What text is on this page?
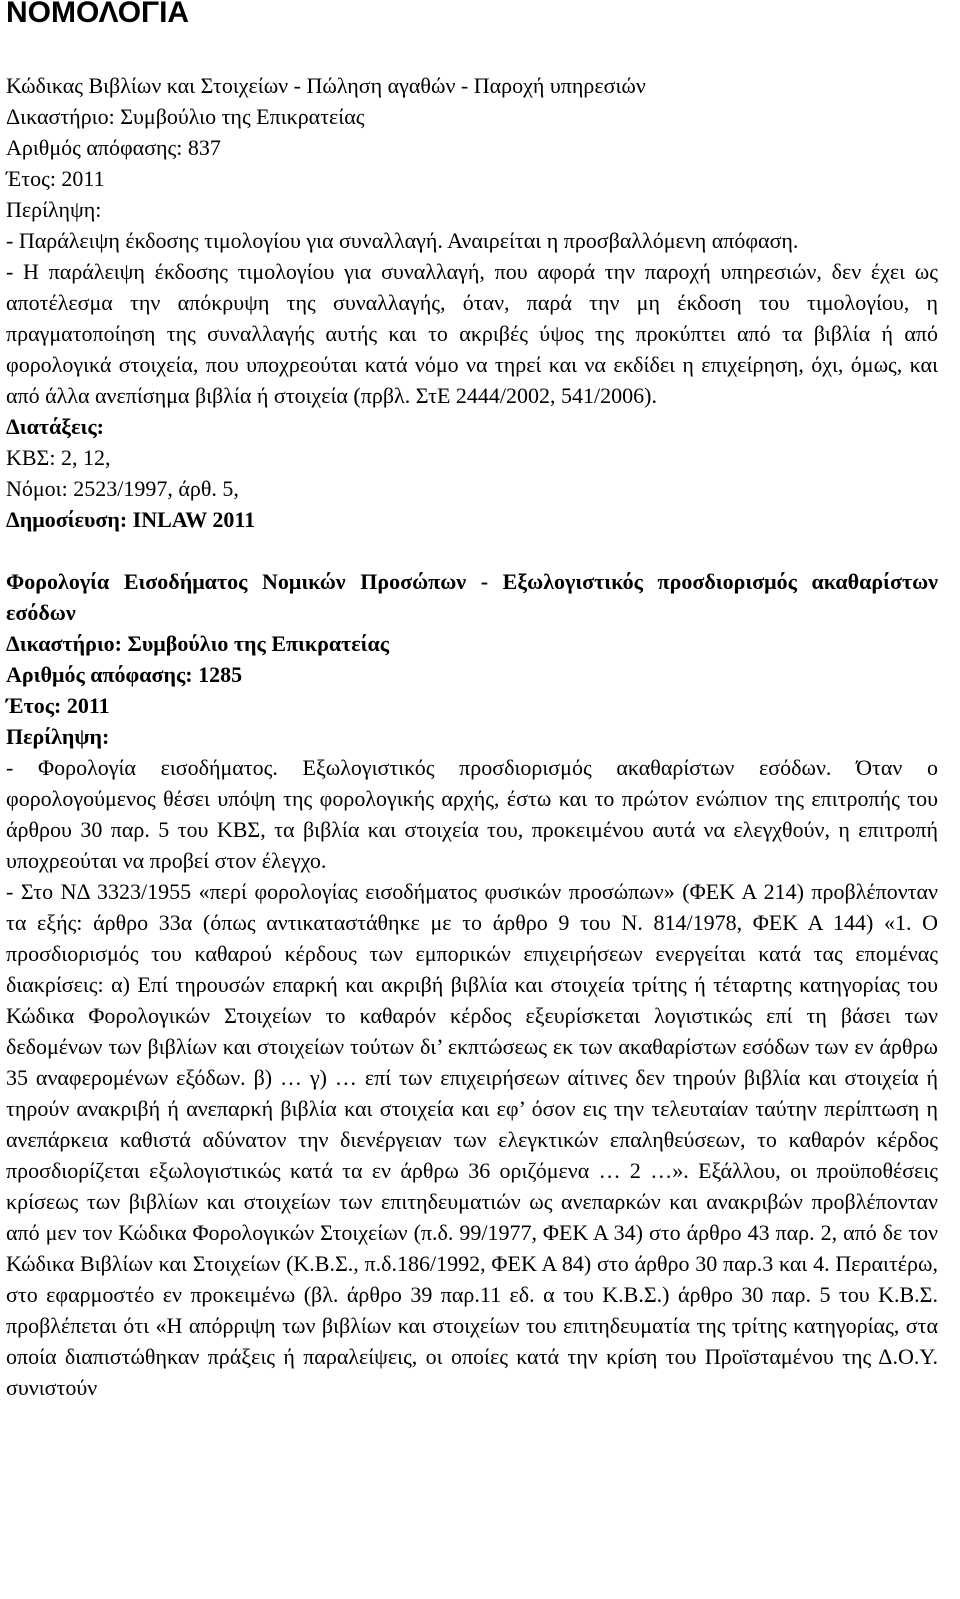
ΝΟΜΟΛΟΓΙΑ

Κώδικας Βιβλίων και Στοιχείων - Πώληση αγαθών - Παροχή υπηρεσιών

Δικαστήριο: Συμβούλιο της Επικρατείας

Αριθμός απόφασης: 837

Έτος: 2011

Περίληψη:

- Παράλειψη έκδοσης τιμολογίου για συναλλαγή. Αναιρείται η προσβαλλόμενη απόφαση.

- Η παράλειψη έκδοσης τιμολογίου για συναλλαγή, που αφορά την παροχή υπηρεσιών, δεν έχει ως αποτέλεσμα την απόκρυψη της συναλλαγής, όταν, παρά την μη έκδοση του τιμολογίου, η πραγματοποίηση της συναλλαγής αυτής και το ακριβές ύψος της προκύπτει από τα βιβλία ή από φορολογικά στοιχεία, που υποχρεούται κατά νόμο να τηρεί και να εκδίδει η επιχείρηση, όχι, όμως, και από άλλα ανεπίσημα βιβλία ή στοιχεία (πρβλ. ΣτΕ 2444/2002, 541/2006).

Διατάξεις:

ΚΒΣ: 2, 12,

Νόμοι: 2523/1997, άρθ. 5,

Δημοσίευση: INLAW 2011

Φορολογία Εισοδήματος Νομικών Προσώπων - Εξωλογιστικός προσδιορισμός ακαθαρίστων εσόδων

Δικαστήριο: Συμβούλιο της Επικρατείας

Αριθμός απόφασης: 1285

Έτος: 2011

Περίληψη:

- Φορολογία εισοδήματος. Εξωλογιστικός προσδιορισμός ακαθαρίστων εσόδων. Όταν ο φορολογούμενος θέσει υπόψη της φορολογικής αρχής, έστω και το πρώτον ενώπιον της επιτροπής του άρθρου 30 παρ. 5 του ΚΒΣ, τα βιβλία και στοιχεία του, προκειμένου αυτά να ελεγχθούν, η επιτροπή υποχρεούται να προβεί στον έλεγχο.

- Στο ΝΔ 3323/1955 «περί φορολογίας εισοδήματος φυσικών προσώπων» (ΦΕΚ Α 214) προβλέπονταν τα εξής: άρθρο 33α (όπως αντικαταστάθηκε με το άρθρο 9 του Ν. 814/1978, ΦΕΚ Α 144) «1. Ο προσδιορισμός του καθαρού κέρδους των εμπορικών επιχειρήσεων ενεργείται κατά τας επομένας διακρίσεις: α) Επί τηρουσών επαρκή και ακριβή βιβλία και στοιχεία τρίτης ή τέταρτης κατηγορίας του Κώδικα Φορολογικών Στοιχείων το καθαρόν κέρδος εξευρίσκεται λογιστικώς επί τη βάσει των δεδομένων των βιβλίων και στοιχείων τούτων δι’ εκπτώσεως εκ των ακαθαρίστων εσόδων των εν άρθρω 35 αναφερομένων εξόδων. β) … γ) … επί των επιχειρήσεων αίτινες δεν τηρούν βιβλία και στοιχεία ή τηρούν ανακριβή ή ανεπαρκή βιβλία και στοιχεία και εφ’ όσον εις την τελευταίαν ταύτην περίπτωση η ανεπάρκεια καθιστά αδύνατον την διενέργειαν των ελεγκτικών επαληθεύσεων, το καθαρόν κέρδος προσδιορίζεται εξωλογιστικώς κατά τα εν άρθρω 36 οριζόμενα … 2 …». Εξάλλου, οι προϋποθέσεις κρίσεως των βιβλίων και στοιχείων των επιτηδευματιών ως ανεπαρκών και ανακριβών προβλέπονταν από μεν τον Κώδικα Φορολογικών Στοιχείων (π.δ. 99/1977, ΦΕΚ Α 34) στο άρθρο 43 παρ. 2, από δε τον Κώδικα Βιβλίων και Στοιχείων (Κ.Β.Σ., π.δ.186/1992, ΦΕΚ Α 84) στο άρθρο 30 παρ.3 και 4. Περαιτέρω, στο εφαρμοστέο εν προκειμένω (βλ. άρθρο 39 παρ.11 εδ. α του Κ.Β.Σ.) άρθρο 30 παρ. 5 του Κ.Β.Σ. προβλέπεται ότι «Η απόρριψη των βιβλίων και στοιχείων του επιτηδευματία της τρίτης κατηγορίας, στα οποία διαπιστώθηκαν πράξεις ή παραλείψεις, οι οποίες κατά την κρίση του Προϊσταμένου της Δ.Ο.Υ. συνιστούν
